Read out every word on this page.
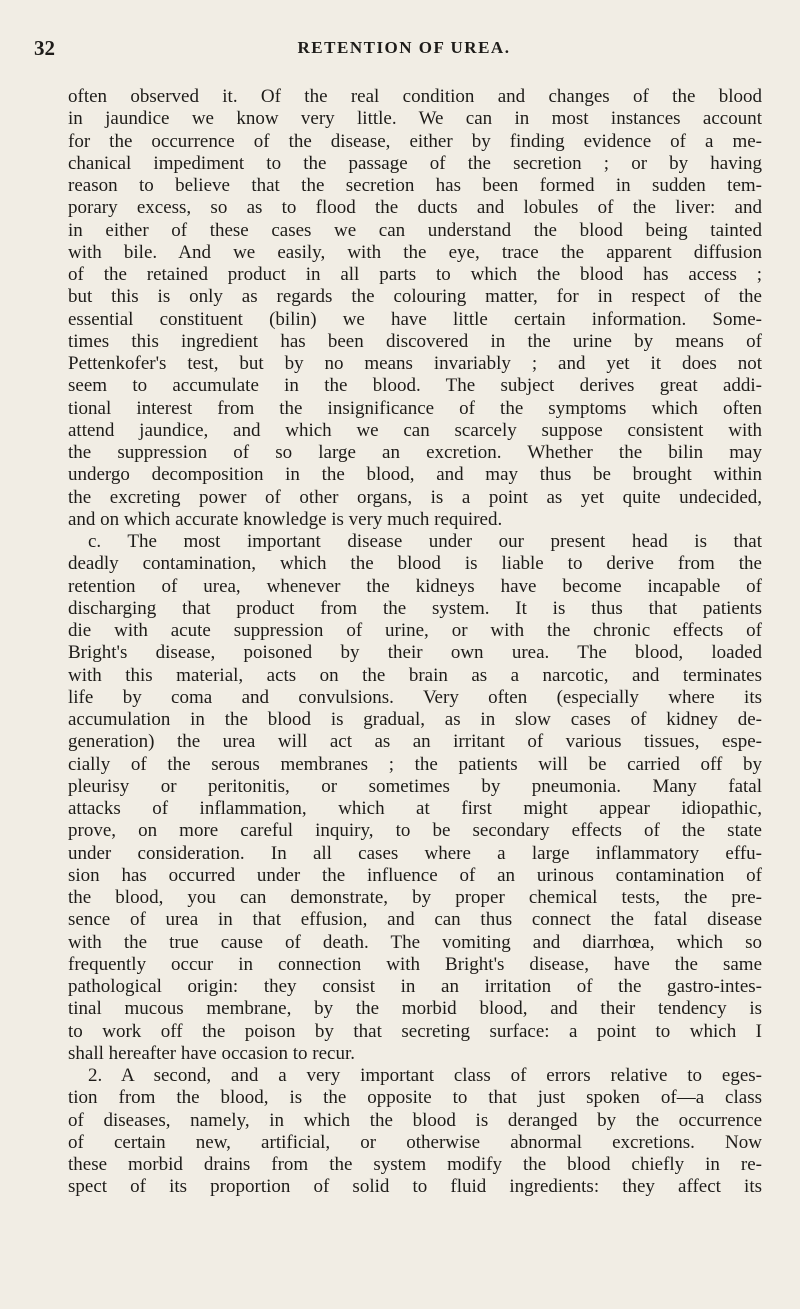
32	RETENTION OF UREA.
often observed it. Of the real condition and changes of the blood
in jaundice we know very little. We can in most instances account
for the occurrence of the disease, either by finding evidence of a me-
chanical impediment to the passage of the secretion ; or by having
reason to believe that the secretion has been formed in sudden tem-
porary excess, so as to flood the ducts and lobules of the liver: and
in either of these cases we can understand the blood being tainted
with bile. And we easily, with the eye, trace the apparent diffusion
of the retained product in all parts to which the blood has access ;
but this is only as regards the colouring matter, for in respect of the
essential constituent (bilin) we have little certain information. Some-
times this ingredient has been discovered in the urine by means of
Pettenkofer's test, but by no means invariably ; and yet it does not
seem to accumulate in the blood. The subject derives great addi-
tional interest from the insignificance of the symptoms which often
attend jaundice, and which we can scarcely suppose consistent with
the suppression of so large an excretion. Whether the bilin may
undergo decomposition in the blood, and may thus be brought within
the excreting power of other organs, is a point as yet quite undecided,
and on which accurate knowledge is very much required.
c. The most important disease under our present head is that
deadly contamination, which the blood is liable to derive from the
retention of urea, whenever the kidneys have become incapable of
discharging that product from the system. It is thus that patients
die with acute suppression of urine, or with the chronic effects of
Bright's disease, poisoned by their own urea. The blood, loaded
with this material, acts on the brain as a narcotic, and terminates
life by coma and convulsions. Very often (especially where its
accumulation in the blood is gradual, as in slow cases of kidney de-
generation) the urea will act as an irritant of various tissues, espe-
cially of the serous membranes ; the patients will be carried off by
pleurisy or peritonitis, or sometimes by pneumonia. Many fatal
attacks of inflammation, which at first might appear idiopathic,
prove, on more careful inquiry, to be secondary effects of the state
under consideration. In all cases where a large inflammatory effu-
sion has occurred under the influence of an urinous contamination of
the blood, you can demonstrate, by proper chemical tests, the pre-
sence of urea in that effusion, and can thus connect the fatal disease
with the true cause of death. The vomiting and diarrhœa, which so
frequently occur in connection with Bright's disease, have the same
pathological origin: they consist in an irritation of the gastro-intes-
tinal mucous membrane, by the morbid blood, and their tendency is
to work off the poison by that secreting surface: a point to which I
shall hereafter have occasion to recur.
2. A second, and a very important class of errors relative to eges-
tion from the blood, is the opposite to that just spoken of—a class
of diseases, namely, in which the blood is deranged by the occurrence
of certain new, artificial, or otherwise abnormal excretions. Now
these morbid drains from the system modify the blood chiefly in re-
spect of its proportion of solid to fluid ingredients: they affect its
